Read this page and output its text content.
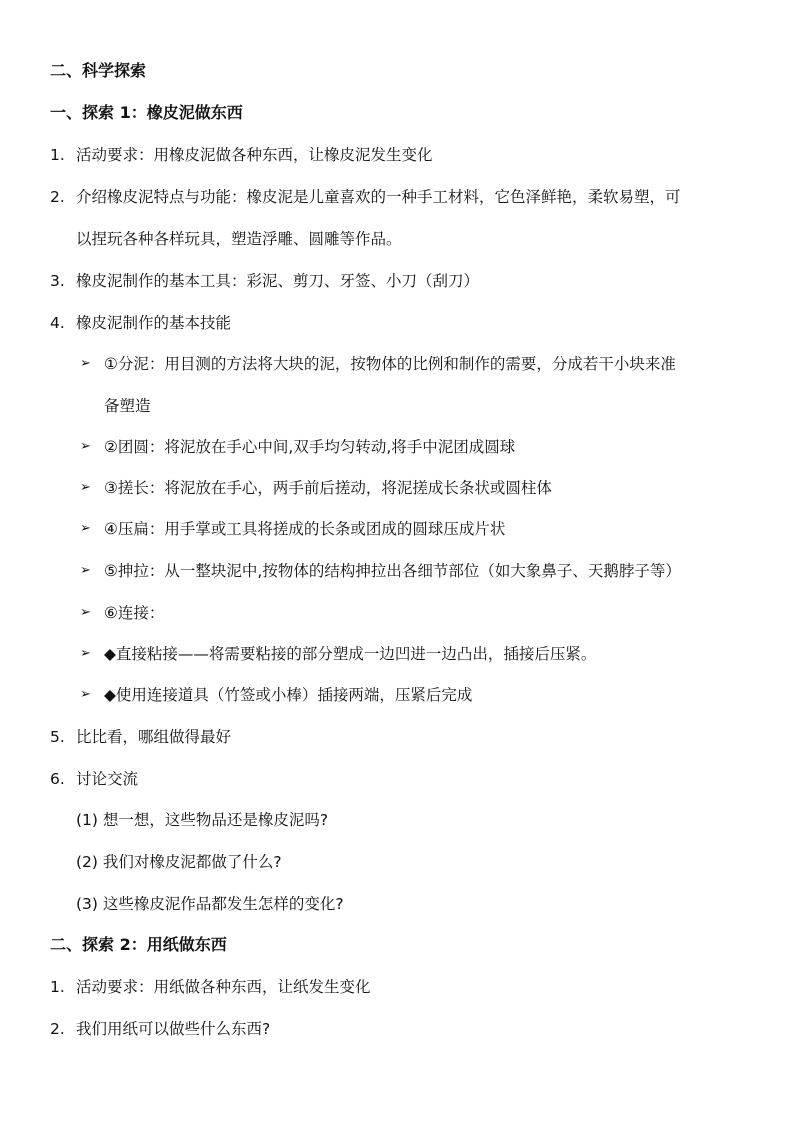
二、科学探索
一、探索 1：橡皮泥做东西
1. 活动要求：用橡皮泥做各种东西，让橡皮泥发生变化
2. 介绍橡皮泥特点与功能：橡皮泥是儿童喜欢的一种手工材料，它色泽鲜艳，柔软易塑，可
以捏玩各种各样玩具，塑造浮雕、圆雕等作品。
3. 橡皮泥制作的基本工具：彩泥、剪刀、牙签、小刀（刮刀）
4. 橡皮泥制作的基本技能
➢ ①分泥：用目测的方法将大块的泥，按物体的比例和制作的需要，分成若干小块来准
备塑造
➢ ②团圆：将泥放在手心中间,双手均匀转动,将手中泥团成圆球
➢ ③搓长：将泥放在手心，两手前后搓动，将泥搓成长条状或圆柱体
➢ ④压扁：用手掌或工具将搓成的长条或团成的圆球压成片状
➢ ⑤抻拉：从一整块泥中,按物体的结构抻拉出各细节部位（如大象鼻子、天鹅脖子等）
➢ ⑥连接：
➢ ◆直接粘接——将需要粘接的部分塑成一边凹进一边凸出，插接后压紧。
➢ ◆使用连接道具（竹签或小棒）插接两端，压紧后完成
5. 比比看，哪组做得最好
6. 讨论交流
(1) 想一想，这些物品还是橡皮泥吗?
(2) 我们对橡皮泥都做了什么?
(3) 这些橡皮泥作品都发生怎样的变化?
二、探索 2：用纸做东西
1. 活动要求：用纸做各种东西，让纸发生变化
2. 我们用纸可以做些什么东西?
